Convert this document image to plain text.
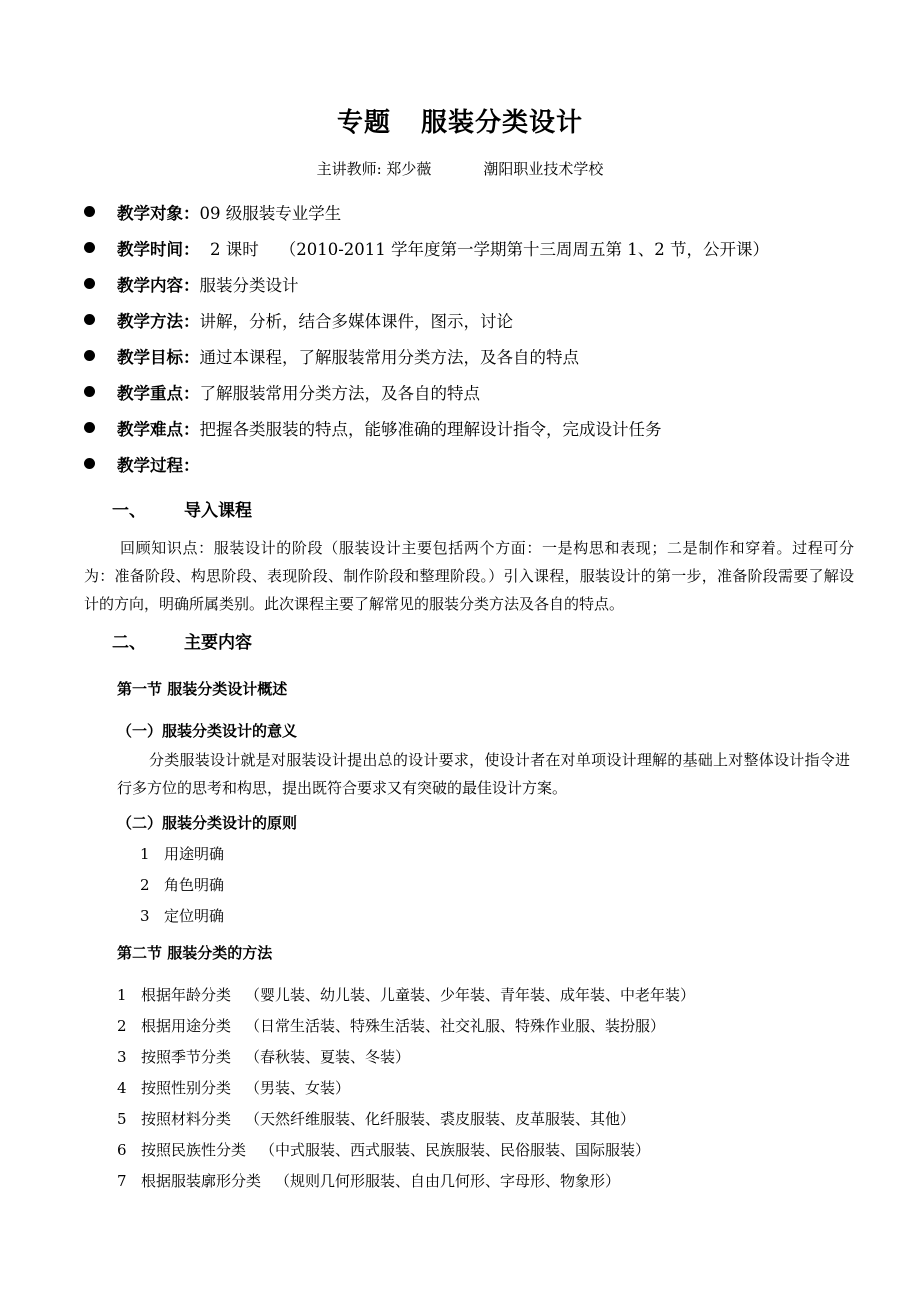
专题 服装分类设计
主讲教师: 郑少薇	潮阳职业技术学校
教学对象：09 级服装专业学生
教学时间：  2 课时    （2010-2011 学年度第一学期第十三周周五第 1、2 节，公开课）
教学内容：服装分类设计
教学方法：讲解，分析，结合多媒体课件，图示，讨论
教学目标：通过本课程，了解服装常用分类方法，及各自的特点
教学重点：了解服装常用分类方法，及各自的特点
教学难点：把握各类服装的特点，能够准确的理解设计指令，完成设计任务
教学过程：
一、 导入课程
回顾知识点：服装设计的阶段（服装设计主要包括两个方面：一是构思和表现；二是制作和穿着。过程可分为：准备阶段、构思阶段、表现阶段、制作阶段和整理阶段。）引入课程，服装设计的第一步，准备阶段需要了解设计的方向，明确所属类别。此次课程主要了解常见的服装分类方法及各自的特点。
二、 主要内容
第一节 服装分类设计概述
（一）服装分类设计的意义
分类服装设计就是对服装设计提出总的设计要求，使设计者在对单项设计理解的基础上对整体设计指令进行多方位的思考和构思，提出既符合要求又有突破的最佳设计方案。
（二）服装分类设计的原则
1 用途明确
2 角色明确
3 定位明确
第二节 服装分类的方法
1 根据年龄分类 （婴儿装、幼儿装、儿童装、少年装、青年装、成年装、中老年装）
2 根据用途分类 （日常生活装、特殊生活装、社交礼服、特殊作业服、装扮服）
3 按照季节分类 （春秋装、夏装、冬装）
4 按照性别分类 （男装、女装）
5 按照材料分类 （天然纤维服装、化纤服装、裘皮服装、皮革服装、其他）
6 按照民族性分类 （中式服装、西式服装、民族服装、民俗服装、国际服装）
7 根据服装廓形分类 （规则几何形服装、自由几何形、字母形、物象形）
